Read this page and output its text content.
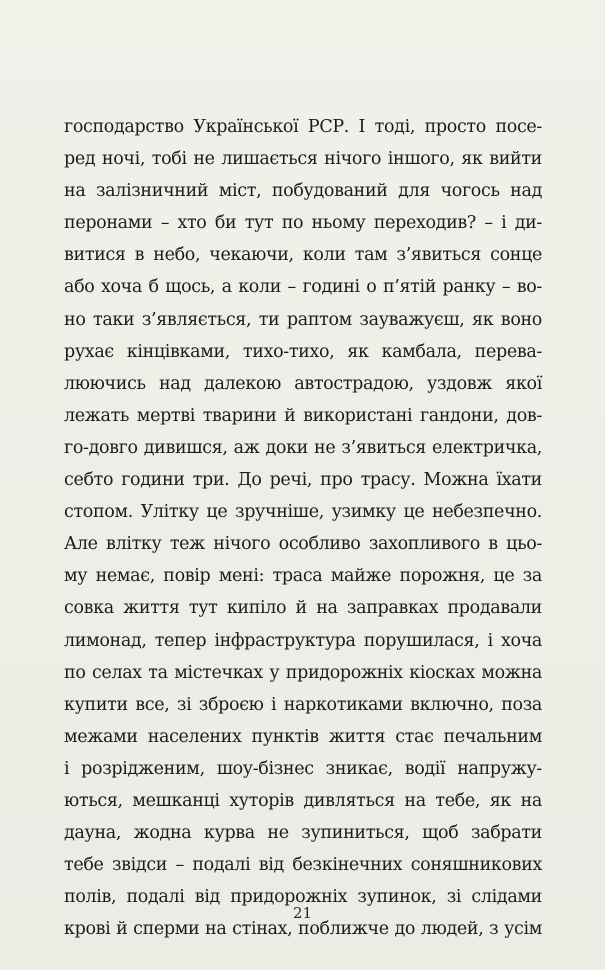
господарство Української РСР. І тоді, просто посе-
ред ночі, тобі не лишається нічого іншого, як вийти
на залізничний міст, побудований для чогось над
перонами – хто би тут по ньому переходив? – і ди-
витися в небо, чекаючи, коли там з’явиться сонце
або хоча б щось, а коли – годині о п’ятій ранку – во-
но таки з’являється, ти раптом зауважуєш, як воно
рухає кінцівками, тихо-тихо, як камбала, перева-
люючись над далекою автострадою, уздовж якої
лежать мертві тварини й використані гандони, дов-
го-довго дивишся, аж доки не з’явиться електричка,
себто години три. До речі, про трасу. Можна їхати
стопом. Улітку це зручніше, узимку це небезпечно.
Але влітку теж нічого особливо захопливого в цьо-
му немає, повір мені: траса майже порожня, це за
совка життя тут кипіло й на заправках продавали
лимонад, тепер інфраструктура порушилася, і хоча
по селах та містечках у придорожніх кіосках можна
купити все, зі зброєю і наркотиками включно, поза
межами населених пунктів життя стає печальним
і розрідженим, шоу-бізнес зникає, водії напружу-
ються, мешканці хуторів дивляться на тебе, як на
дауна, жодна курва не зупиниться, щоб забрати
тебе звідси – подалі від безкінечних соняшникових
полів, подалі від придорожніх зупинок, зі слідами
крові й сперми на стінах, поближче до людей, з усім
21
